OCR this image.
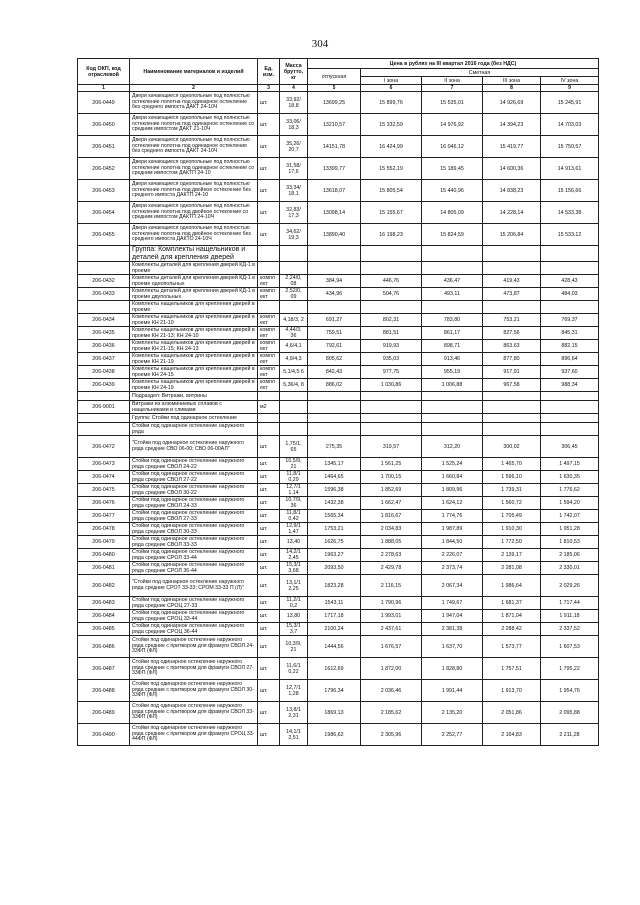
304
Код ОКП, код отраслевой	Наименование материалов и изделий	Ед. изм.	Масса брутто, кг	Цена в рублях на III квартал 2016 года (без НДС)				
				отпускная	Сметная			
					I зона	II зона	III зона	IV зона
1	2	3	4	5	6	7	8	9
206-0449	Двери качающиеся однопольные под полностью остекление полотна под одинарное остекление без среднего импоста ДАКТ 24-10Ч	шт.	33,92/ 18,8	13699,25	15 899,76	15 535,01	14 926,69	15 245,91
206-0450	Двери качающиеся однопольные под полностью остекление полотна под одинарное остекление со средним импостом ДАКТ 21-10Ч	шт.	33,06/ 18,3	13210,57	15 332,59	14 976,92	14 394,23	14 703,03
206-0451	Двери качающиеся однопольные под полностью остекление полотна под одинарное остекление без среднего импоста ДАКТ 24-10Ч	шт.	35,26/ 20,7	14151,78	16 424,99	16 046,12	15 419,77	15 750,57
206-0452	Двери качающиеся однопольные под полностью остекление полотна под одинарное остекление со средним импостом ДАКТП 24-10	шт.	31,58/ 17,6	13399,77	15 552,19	15 189,45	14 600,36	14 913,61
206-0453	Двери качающиеся однопольные под полностью остекление полотна под двойное остекление без среднего импоста ДАКТП 24-10	шт.	33,34/ 18,1	13618,07	15 805,54	15 440,96	14 838,23	15 156,66
206-0454	Двери качающиеся однопольные под полностью остекление полотна под двойное остекление со средним импостом ДАКТП 24-10Ч	шт.	32,83/ 17,3	13098,14	15 155,67	14 805,09	14 228,14	14 533,38
206-0455	Двери качающиеся однопольные под полностью остекление полотна под двойное остекление без среднего импоста ДАКТО 24-10Ч	шт.	34,62/ 19,3	13890,40	16 198,23	15 824,59	15 206,84	15 533,12
	Группа: Комплекты нащельников и деталей для крепления дверей							
	Комплекты деталей для крепления дверей КД-1 в проеме							
206-0432	Комплекты деталей для крепления дверей КД-1 в проеме однопольных	компл ект	2,24/0, 08	384,94	446,76	436,47	419,43	428,43
206-0433	Комплекты деталей для крепления дверей КД-1 в проеме двупольных	компл ект	2,52/0, 09	434,96	504,76	493,11	473,87	484,03
	Комплекты нащельников для крепления дверей в проеме							
206-0434	Комплекты нащельников для крепления дверей в проеме КН 21-10	компл ект	4,18/3, 2	691,27	802,31	783,80	753,21	769,37
206-0435	Комплекты нащельников для крепления дверей в проеме КН 21-13; КН 24-10	компл ект	4,44/3, 36	759,51	881,51	861,17	827,56	845,31
206-0436	Комплекты нащельников для крепления дверей в проеме КН 21-15; КН 24-13	компл ект	4,6/4,1	792,61	919,93	898,71	863,63	882,15
206-0437	Комплекты нащельников для крепления дверей в проеме КН 21-19	компл ект	4,9/4,3	805,62	935,03	913,46	877,80	896,64
206-0438	Комплекты нащельников для крепления дверей в проеме КН 24-15	компл ект	5,1/4,5 6	842,43	977,75	955,19	917,91	937,60
206-0439	Комплекты нащельников для крепления дверей в проеме КН 24-19	компл ект	5,36/4, 8	886,02	1 030,86	1 006,88	967,58	988,34
	Подраздел: Витражи, витрины							
206-9001	Витражи из алюминиевых сплавов с нащельниками и сливами	м2						
	Группа: Стойки под одинарное остекление							
	Стойки под одинарное остекление наружного ряда							
206-0472	"Стойки под одинарное остекление наружного ряда средние СВО 06-00; СВО 06-00АЛ"	шт.	1,75/1, 65	275,35	319,57	312,20	300,02	306,45
206-0473	Стойки под одинарное остекление наружного ряда средние СВОЛ 24-22	шт.	10,5/9, 21	1345,17	1 561,25	1 525,24	1 465,70	1 497,15
206-0474	Стойки под одинарное остекление наружного ряда средние СВОЛ 27-22	шт.	11,8/1 0,29	1464,65	1 700,15	1 660,84	1 596,10	1 630,35
206-0475	Стойки под одинарное остекление наружного ряда средние СВОЛ 30-22	шт.	12,7/1 1,14	1596,38	1 852,69	1 809,96	1 739,31	1 776,62
206-0476	Стойки под одинарное остекление наружного ряда средние СВОЛ 24-33	шт.	10,7/9, 36	1432,38	1 662,47	1 624,12	1 560,72	1 594,20
206-0477	Стойки под одинарное остекление наружного ряда средние СВОЛ 27-33	шт.	11,8/1 0,42	1565,34	1 816,67	1 774,76	1 705,49	1 742,07
206-0478	Стойки под одинарное остекление наружного ряда средние СВОЛ 30-33	шт.	12,9/1 1,47	1753,21	2 034,83	1 987,89	1 910,30	1 951,28
206-0479	Стойки под одинарное остекление наружного ряда средние СВОЛ 33-33	шт.	13,40	1626,75	1 888,05	1 844,50	1 772,50	1 810,53
206-0480	Стойки под одинарное остекление наружного ряда средние СРОЛ 33-44	шт.	14,2/1 2,45	1963,27	2 278,63	2 226,07	2 139,17	2 185,06
206-0481	Стойки под одинарное остекление наружного ряда средние СРОЛ 36-44	шт.	15,3/1 3,68	2093,50	2 429,78	2 373,74	2 281,08	2 330,01
206-0482	"Стойки под одинарное остекление наружного ряда средние СРОТ 33-33; СРОМ 33-33 П (Л)"	шт.	13,1/1 2,25	1823,28	2 116,15	2 067,34	1 986,64	2 029,26
206-0483	Стойки под одинарное остекление наружного ряда средние СРОЦ 27-33	шт.	11,2/1 0,2	1543,11	1 790,96	1 749,67	1 681,37	1 717,44
206-0484	Стойки под одинарное остекление наружного ряда средние СРОЦ 33-44	шт.	13,80	1717,18	1 993,01	1 947,04	1 871,04	1 911,18
206-0485	Стойки под одинарное остекление наружного ряда средние СРОЦ 36-44	шт.	15,3/1 3,7	2100,24	2 437,61	2 381,38	2 288,42	2 337,52
206-0486	Стойки под одинарное остекление наружного ряда средние с притвором для фрамуги СВОЛ 24-33ФП (ФЛ)	шт.	10,3/9, 21	1444,56	1 676,57	1 637,70	1 573,77	1 607,53
206-0487	Стойки под одинарное остекление наружного ряда средние с притвором для фрамуги СВОЛ 27-33ФП (ФЛ)	шт.	11,6/1 0,22	1612,69	1 872,00	1 828,80	1 757,51	1 795,22
206-0488	Стойки под одинарное остекление наружного ряда средние с притвором для фрамуги СВОЛ 30-33ФП (ФЛ)	шт.	12,7/1 1,28	1796,34	2 036,46	1 991,44	1 913,70	1 954,76
206-0489	Стойки под одинарное остекление наружного ряда средние с притвором для фрамуги СВОЛ 33-33ФП (ФЛ)	шт.	13,8/1 2,31	1869,13	2 185,62	2 135,20	2 051,86	2 095,88
206-0490	Стойки под одинарное остекление наружного ряда средние с притвором для фрамуги СРОЦ 33-44ФП (ФЛ)	шт.	14,1/1 2,51	1986,62	2 305,96	2 252,77	2 164,83	2 211,28
